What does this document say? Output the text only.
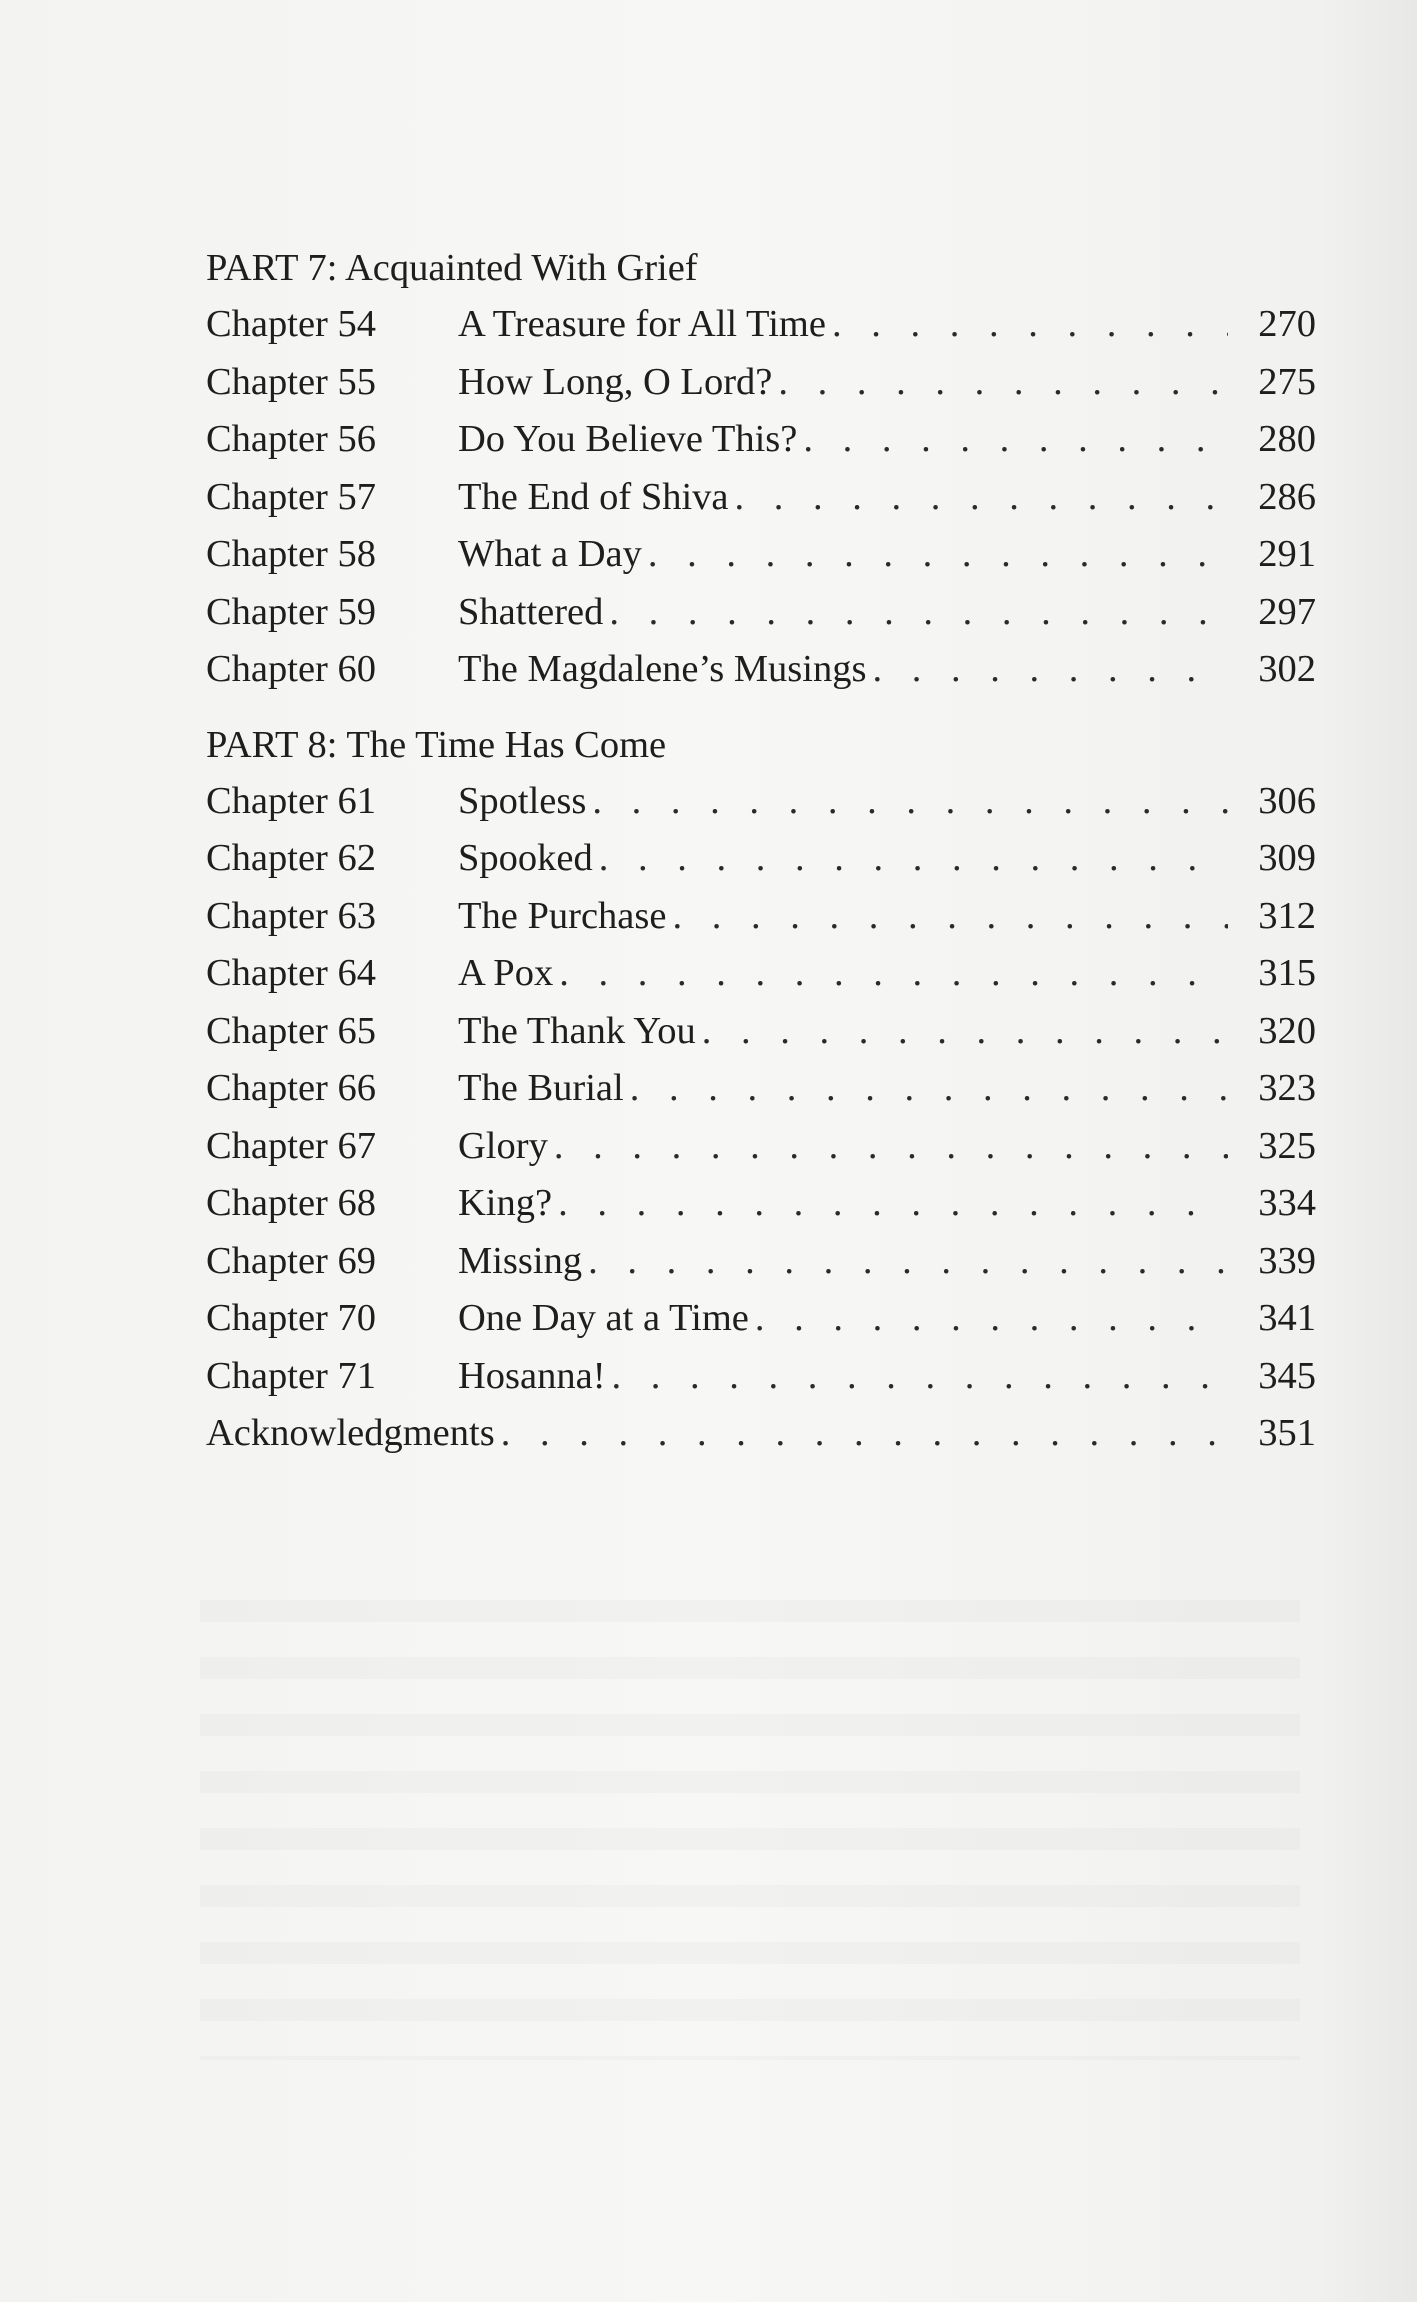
PART 7: Acquainted With Grief
Chapter 54	A Treasure for All Time . . .	270
Chapter 55	How Long, O Lord? . . .	275
Chapter 56	Do You Believe This? . . .	280
Chapter 57	The End of Shiva . . .	286
Chapter 58	What a Day . . .	291
Chapter 59	Shattered . . .	297
Chapter 60	The Magdalene’s Musings . . .	302
PART 8: The Time Has Come
Chapter 61	Spotless . . .	306
Chapter 62	Spooked . . .	309
Chapter 63	The Purchase . . .	312
Chapter 64	A Pox . . .	315
Chapter 65	The Thank You . . .	320
Chapter 66	The Burial . . .	323
Chapter 67	Glory . . .	325
Chapter 68	King? . . .	334
Chapter 69	Missing . . .	339
Chapter 70	One Day at a Time . . .	341
Chapter 71	Hosanna! . . .	345
Acknowledgments . . .	351
